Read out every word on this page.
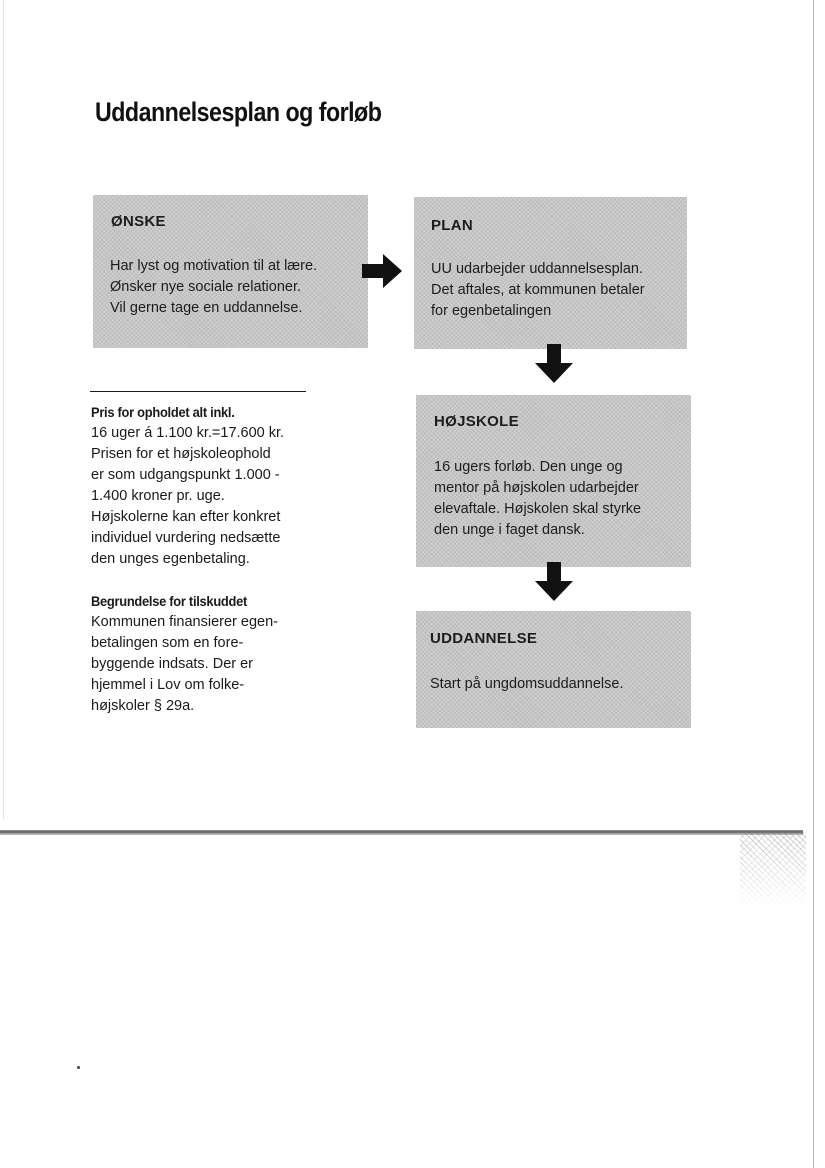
Uddannelsesplan og forløb
ØNSKE
Har lyst og motivation til at lære.
Ønsker nye sociale relationer.
Vil gerne tage en uddannelse.
PLAN
UU udarbejder uddannelsesplan.
Det aftales, at kommunen betaler
for egenbetalingen
HØJSKOLE
16 ugers forløb. Den unge og
mentor på højskolen udarbejder
elevaftale. Højskolen skal styrke
den unge i faget dansk.
UDDANNELSE
Start på ungdomsuddannelse.
Pris for opholdet alt inkl.
16 uger á 1.100 kr.=17.600 kr.
Prisen for et højskoleophold
er som udgangspunkt 1.000 -
1.400 kroner pr. uge.
Højskolerne kan efter konkret
individuel vurdering nedsætte
den unges egenbetaling.
Begrundelse for tilskuddet
Kommunen finansierer egen-
betalingen som en fore-
byggende indsats. Der er
hjemmel i Lov om folke-
højskoler § 29a.
